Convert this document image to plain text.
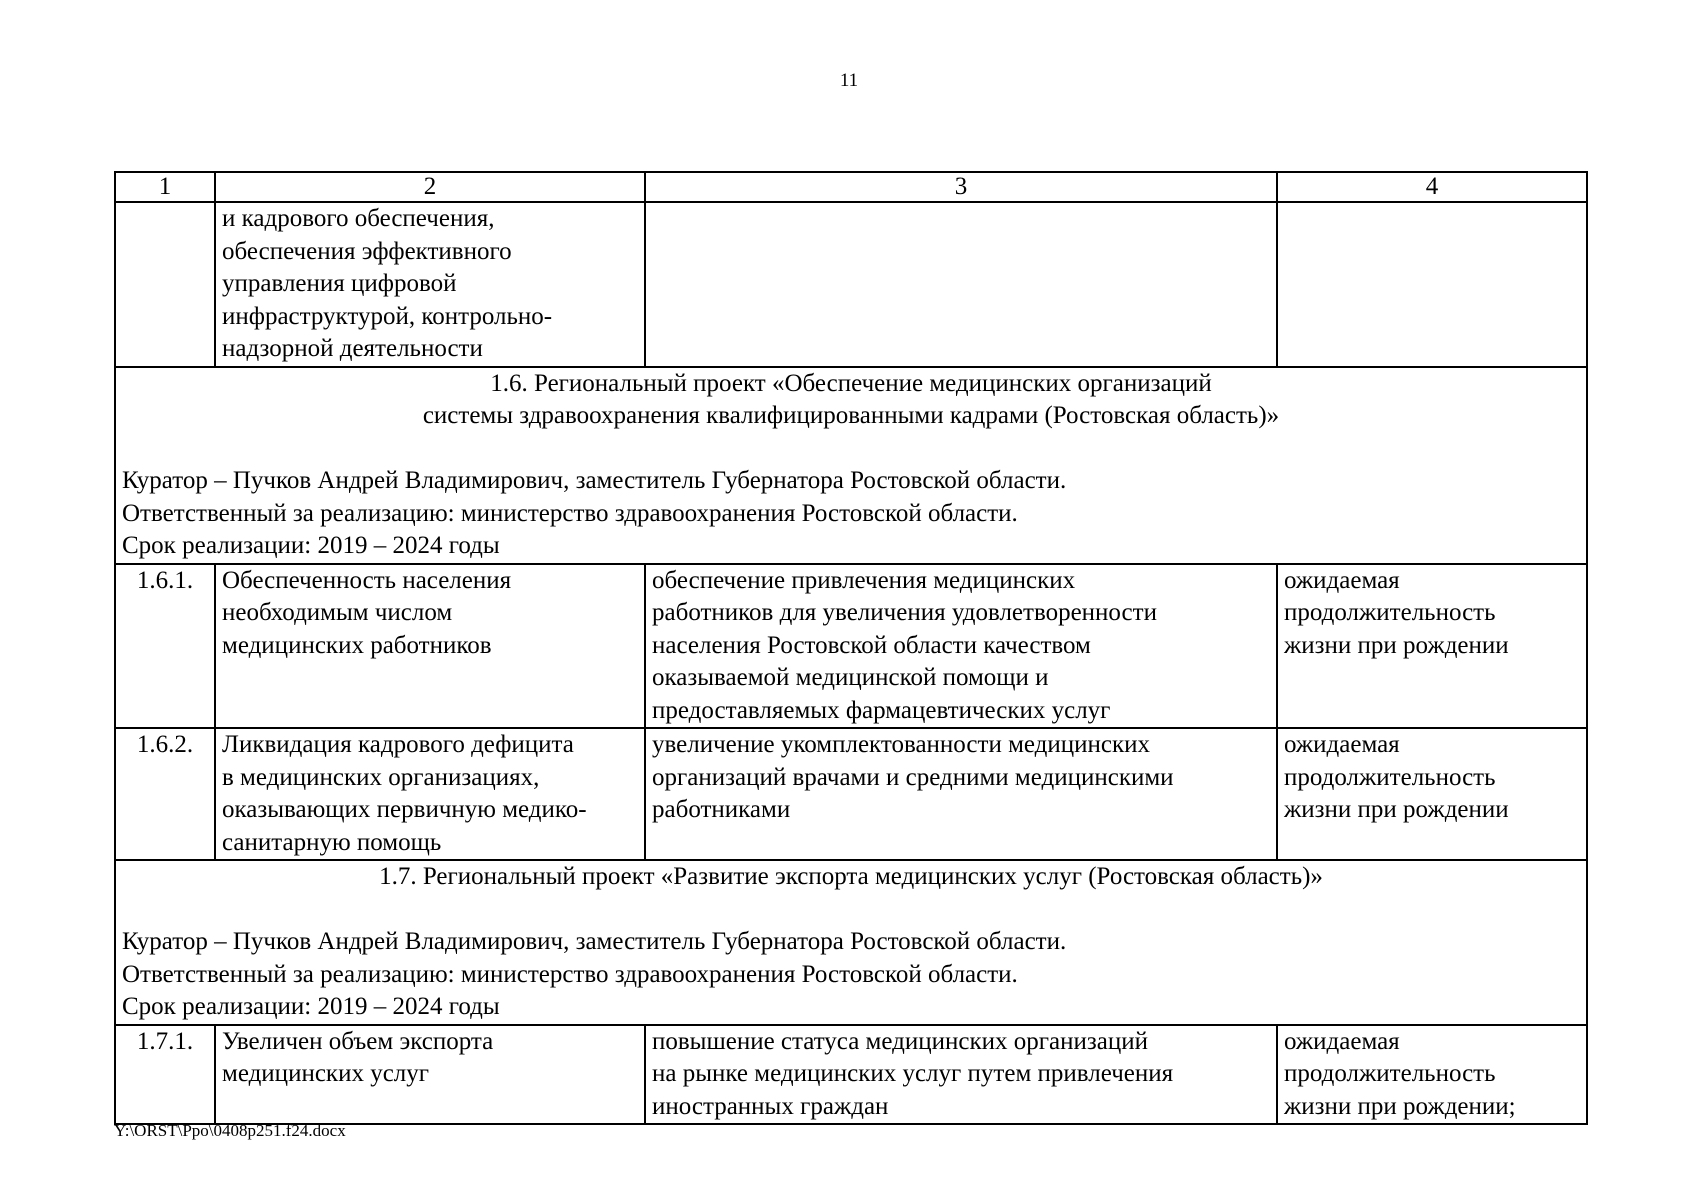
11
1	2	3	4

	и кадрового обеспечения,
обеспечения эффективного
управления цифровой
инфраструктурой, контрольно-
надзорной деятельности		

1.6. Региональный проект «Обеспечение медицинских организаций
системы здравоохранения квалифицированными кадрами (Ростовская область)»
Куратор – Пучков Андрей Владимирович, заместитель Губернатора Ростовской области.
Ответственный за реализацию: министерство здравоохранения Ростовской области.
Срок реализации: 2019 – 2024 годы			

1.6.1.	Обеспеченность населения
необходимым числом
медицинских работников	обеспечение привлечения медицинских
работников для увеличения удовлетворенности
населения Ростовской области качеством
оказываемой медицинской помощи и
предоставляемых фармацевтических услуг	ожидаемая
продолжительность
жизни при рождении

1.6.2.	Ликвидация кадрового дефицита
в медицинских организациях,
оказывающих первичную медико-
санитарную помощь	увеличение укомплектованности медицинских
организаций врачами и средними медицинскими
работниками	ожидаемая
продолжительность
жизни при рождении

1.7. Региональный проект «Развитие экспорта медицинских услуг (Ростовская область)»
Куратор – Пучков Андрей Владимирович, заместитель Губернатора Ростовской области.
Ответственный за реализацию: министерство здравоохранения Ростовской области.
Срок реализации: 2019 – 2024 годы			

1.7.1.	Увеличен объем экспорта
медицинских услуг	повышение статуса медицинских организаций
на рынке медицинских услуг путем привлечения
иностранных граждан	ожидаемая
продолжительность
жизни при рождении;
Y:\ORST\Ppo\0408p251.f24.docx
